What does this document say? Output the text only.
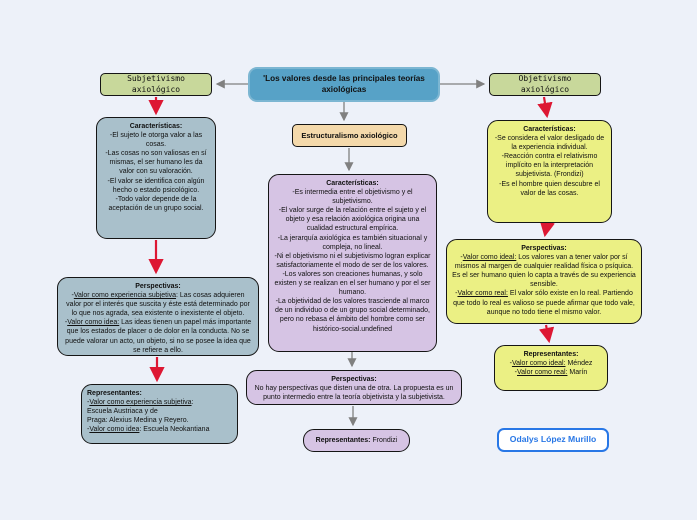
'Los valores desde las principales teorías axiológicas
Subjetivismo axiológico
Objetivismo axiológico
Estructuralismo axiológico
Características:
-El sujeto le otorga valor a las cosas.
-Las cosas no son valiosas en sí mismas, el ser humano les da valor con su valoración.
-El valor se identifica con algún hecho o estado psicológico.
-Todo valor depende de la aceptación de un grupo social.
Perspectivas:
-Valor como experiencia subjetiva: Las cosas adquieren valor por el interés que suscita y éste está determinado por lo que nos agrada, sea existente o inexistente el objeto.
-Valor como idea: Las ideas tienen un papel más importante que los estados de placer o de dolor en la conducta. No se puede valorar un acto, un objeto, si no se posee la idea que se refiere a ello.
Representantes:
-Valor como experiencia subjetiva:
Escuela Austriaca y de
Praga: Alexius Medina y Reyero.
-Valor como idea: Escuela Neokantiana
Características:
-Es intermedia entre el objetivismo y el subjetivismo.
-El valor surge de la relación entre el sujeto y el objeto y esa relación axiológica origina una cualidad estructural empírica.
-La jerarquía axiológica es también situacional y compleja, no lineal.
-Ni el objetivismo ni el subjetivismo logran explicar satisfactoriamente el modo de ser de los valores.
-Los valores son creaciones humanas, y solo existen y se realizan en el ser humano y por el ser humano.
-La objetividad de los valores trasciende al marco de un individuo o de un grupo social determinado, pero no rebasa el ámbito del hombre como ser histórico-social.undefined
Perspectivas:
No hay perspectivas que disten una de otra. La propuesta es un punto intermedio entre la teoría objetivista y la subjetivista.
Representantes: Frondizi
Características:
-Se considera el valor desligado de la experiencia individual.
-Reacción contra el relativismo implícito en la interpretación subjetivista. (Frondizi)
-Es el hombre quien descubre el valor de las cosas.
Perspectivas:
-Valor como ideal: Los valores van a tener valor por sí mismos al margen de cualquier realidad física o psíquica. Es el ser humano quien lo capta a través de su experiencia sensible.
-Valor como real: El valor sólo existe en lo real. Partiendo que todo lo real es valioso se puede afirmar que todo vale, aunque no todo tiene el mismo valor.
Representantes:
-Valor como ideal: Méndez
-Valor como real: Marín
Odalys López Murillo
